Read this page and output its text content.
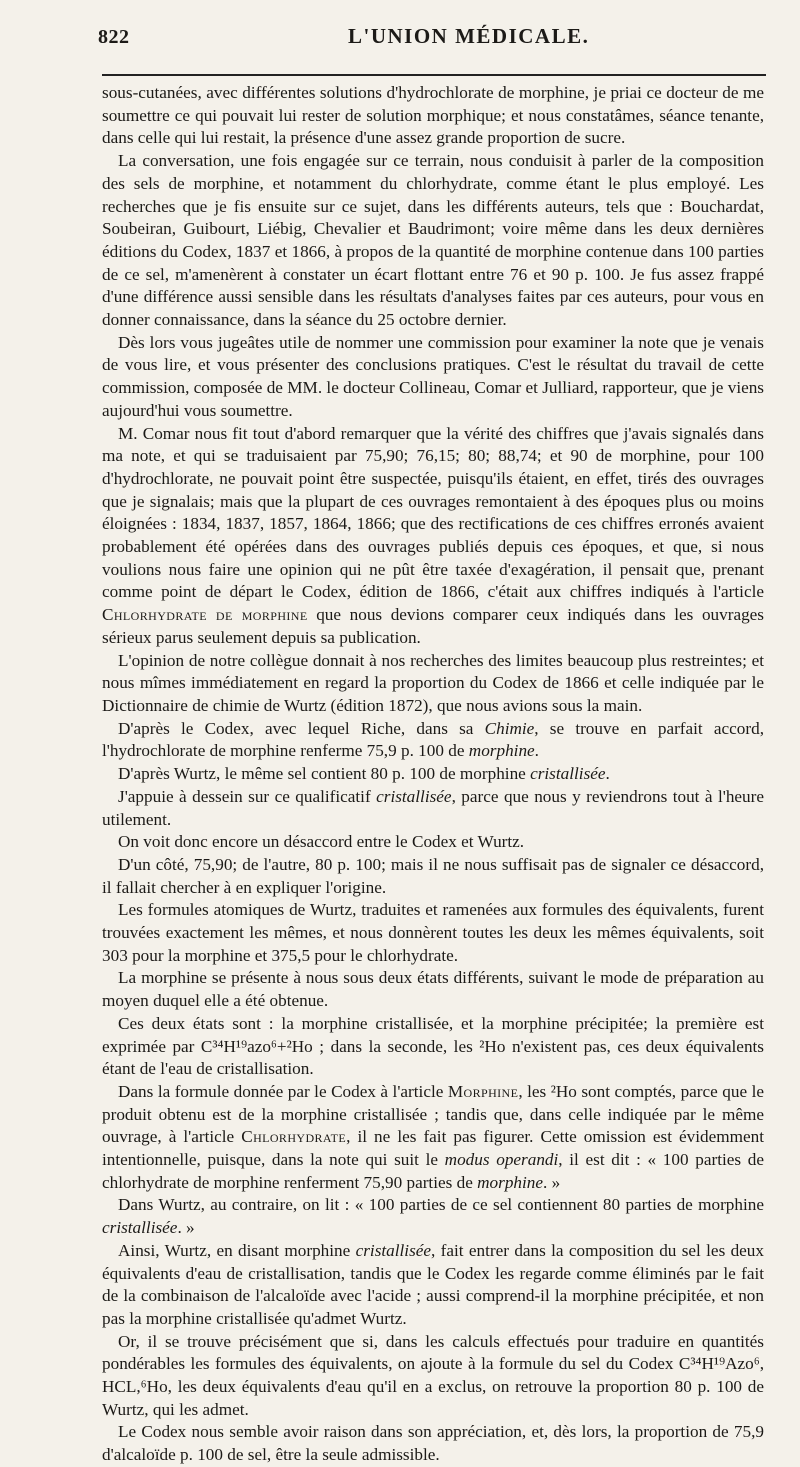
822	L'UNION MÉDICALE.

sous-cutanées, avec différentes solutions d'hydrochlorate de morphine, je priai ce docteur de me soumettre ce qui pouvait lui rester de solution morphique; et nous constatâmes, séance tenante, dans celle qui lui restait, la présence d'une assez grande proportion de sucre.

La conversation, une fois engagée sur ce terrain, nous conduisit à parler de la composition des sels de morphine, et notamment du chlorhydrate, comme étant le plus employé. Les recherches que je fis ensuite sur ce sujet, dans les différents auteurs, tels que : Bouchardat, Soubeiran, Guibourt, Liébig, Chevalier et Baudrimont; voire même dans les deux dernières éditions du Codex, 1837 et 1866, à propos de la quantité de morphine contenue dans 100 parties de ce sel, m'amenèrent à constater un écart flottant entre 76 et 90 p. 100. Je fus assez frappé d'une différence aussi sensible dans les résultats d'analyses faites par ces auteurs, pour vous en donner connaissance, dans la séance du 25 octobre dernier.

Dès lors vous jugeâtes utile de nommer une commission pour examiner la note que je venais de vous lire, et vous présenter des conclusions pratiques. C'est le résultat du travail de cette commission, composée de MM. le docteur Collineau, Comar et Julliard, rapporteur, que je viens aujourd'hui vous soumettre.

M. Comar nous fit tout d'abord remarquer que la vérité des chiffres que j'avais signalés dans ma note, et qui se traduisaient par 75,90; 76,15; 80; 88,74; et 90 de morphine, pour 100 d'hydrochlorate, ne pouvait point être suspectée, puisqu'ils étaient, en effet, tirés des ouvrages que je signalais; mais que la plupart de ces ouvrages remontaient à des époques plus ou moins éloignées : 1834, 1837, 1857, 1864, 1866; que des rectifications de ces chiffres erronés avaient probablement été opérées dans des ouvrages publiés depuis ces époques, et que, si nous voulions nous faire une opinion qui ne pût être taxée d'exagération, il pensait que, prenant comme point de départ le Codex, édition de 1866, c'était aux chiffres indiqués à l'article Chlorhydrate de morphine que nous devions comparer ceux indiqués dans les ouvrages sérieux parus seulement depuis sa publication.

L'opinion de notre collègue donnait à nos recherches des limites beaucoup plus restreintes; et nous mîmes immédiatement en regard la proportion du Codex de 1866 et celle indiquée par le Dictionnaire de chimie de Wurtz (édition 1872), que nous avions sous la main.

D'après le Codex, avec lequel Riche, dans sa Chimie, se trouve en parfait accord, l'hydrochlorate de morphine renferme 75,9 p. 100 de morphine.

D'après Wurtz, le même sel contient 80 p. 100 de morphine cristallisée.

J'appuie à dessein sur ce qualificatif cristallisée, parce que nous y reviendrons tout à l'heure utilement.

On voit donc encore un désaccord entre le Codex et Wurtz.

D'un côté, 75,90; de l'autre, 80 p. 100; mais il ne nous suffisait pas de signaler ce désaccord, il fallait chercher à en expliquer l'origine.

Les formules atomiques de Wurtz, traduites et ramenées aux formules des équivalents, furent trouvées exactement les mêmes, et nous donnèrent toutes les deux les mêmes équivalents, soit 303 pour la morphine et 375,5 pour le chlorhydrate.

La morphine se présente à nous sous deux états différents, suivant le mode de préparation au moyen duquel elle a été obtenue.

Ces deux états sont : la morphine cristallisée, et la morphine précipitée; la première est exprimée par C³⁴H¹⁹azo⁶+²Ho ; dans la seconde, les ²Ho n'existent pas, ces deux équivalents étant de l'eau de cristallisation.

Dans la formule donnée par le Codex à l'article Morphine, les ²Ho sont comptés, parce que le produit obtenu est de la morphine cristallisée ; tandis que, dans celle indiquée par le même ouvrage, à l'article Chlorhydrate, il ne les fait pas figurer. Cette omission est évidemment intentionnelle, puisque, dans la note qui suit le modus operandi, il est dit : « 100 parties de chlorhydrate de morphine renferment 75,90 parties de morphine. »

Dans Wurtz, au contraire, on lit : « 100 parties de ce sel contiennent 80 parties de morphine cristallisée. »

Ainsi, Wurtz, en disant morphine cristallisée, fait entrer dans la composition du sel les deux équivalents d'eau de cristallisation, tandis que le Codex les regarde comme éliminés par le fait de la combinaison de l'alcaloïde avec l'acide ; aussi comprend-il la morphine précipitée, et non pas la morphine cristallisée qu'admet Wurtz.

Or, il se trouve précisément que si, dans les calculs effectués pour traduire en quantités pondérables les formules des équivalents, on ajoute à la formule du sel du Codex C³⁴H¹⁹Azo⁶, HCL,⁶Ho, les deux équivalents d'eau qu'il en a exclus, on retrouve la proportion 80 p. 100 de Wurtz, qui les admet.

Le Codex nous semble avoir raison dans son appréciation, et, dès lors, la proportion de 75,9 d'alcaloïde p. 100 de sel, être la seule admissible.
